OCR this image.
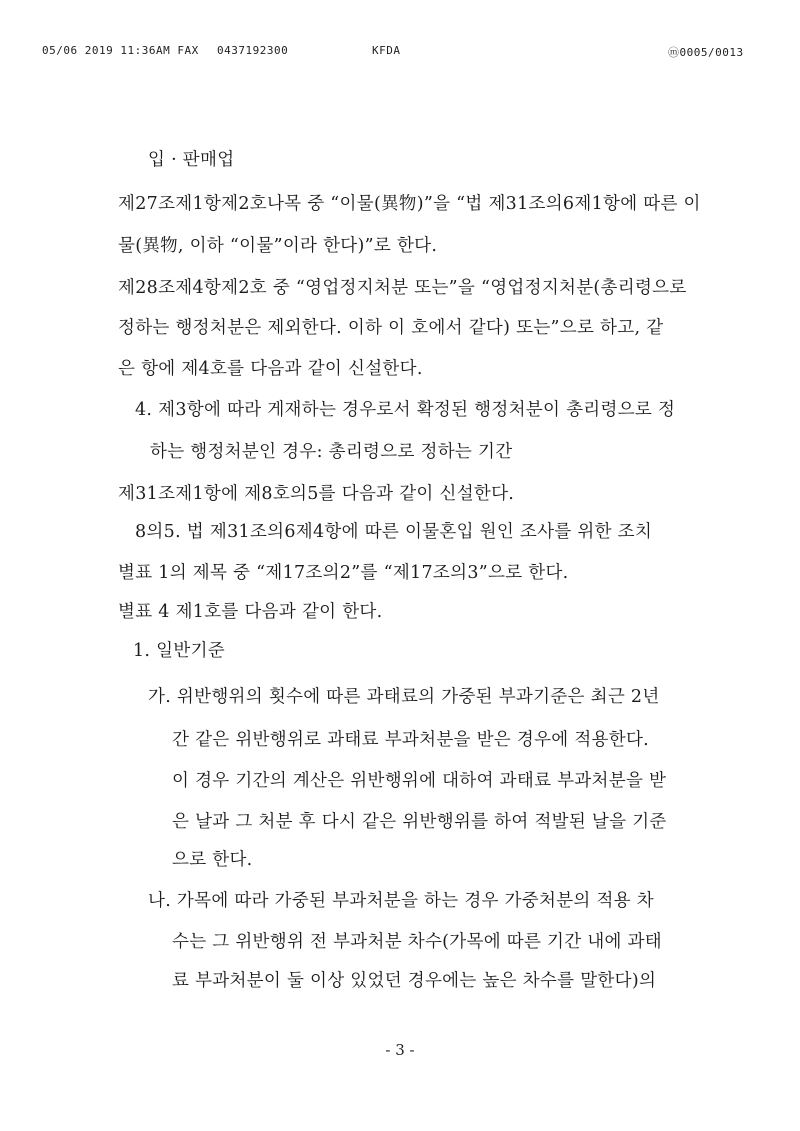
05/06 2019 11:36AM FAX 0437192300	KFDA	ⓜ0005/0013
입 · 판매업
제27조제1항제2호나목 중 “이물(異物)”을 “법 제31조의6제1항에 따른 이
물(異物, 이하 “이물”이라 한다)”로 한다.
제28조제4항제2호 중 “영업정지처분 또는”을 “영업정지처분(총리령으로
정하는 행정처분은 제외한다. 이하 이 호에서 같다) 또는”으로 하고, 같
은 항에 제4호를 다음과 같이 신설한다.
4. 제3항에 따라 게재하는 경우로서 확정된 행정처분이 총리령으로 정
하는 행정처분인 경우: 총리령으로 정하는 기간
제31조제1항에 제8호의5를 다음과 같이 신설한다.
8의5. 법 제31조의6제4항에 따른 이물혼입 원인 조사를 위한 조치
별표 1의 제목 중 “제17조의2”를 “제17조의3”으로 한다.
별표 4 제1호를 다음과 같이 한다.
1. 일반기준
가. 위반행위의 횟수에 따른 과태료의 가중된 부과기준은 최근 2년
간 같은 위반행위로 과태료 부과처분을 받은 경우에 적용한다.
이 경우 기간의 계산은 위반행위에 대하여 과태료 부과처분을 받
은 날과 그 처분 후 다시 같은 위반행위를 하여 적발된 날을 기준
으로 한다.
나. 가목에 따라 가중된 부과처분을 하는 경우 가중처분의 적용 차
수는 그 위반행위 전 부과처분 차수(가목에 따른 기간 내에 과태
료 부과처분이 둘 이상 있었던 경우에는 높은 차수를 말한다)의
- 3 -
